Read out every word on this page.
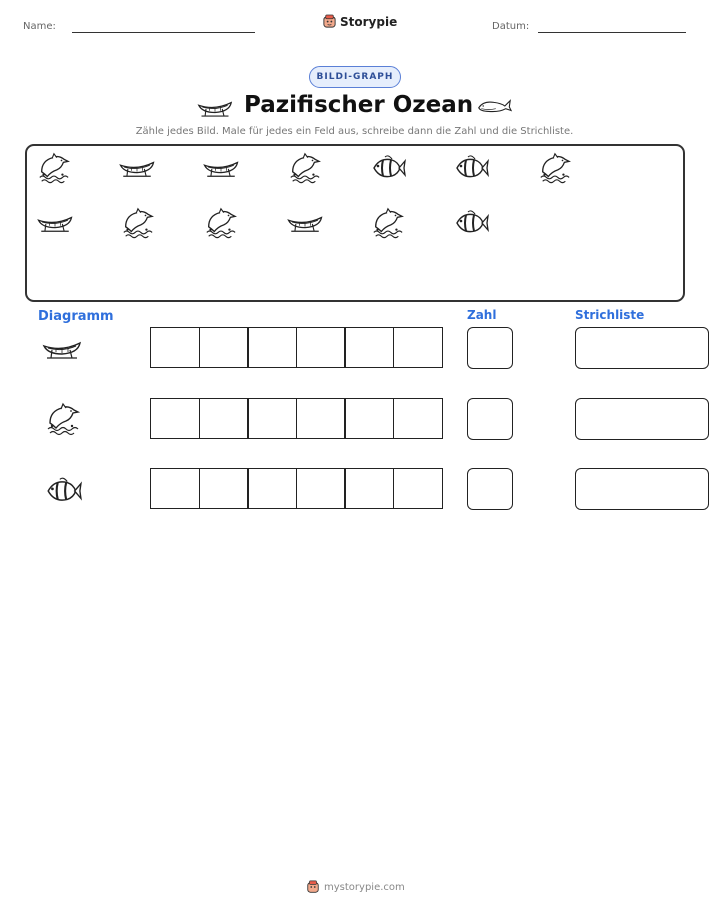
Name:	Storypie	Datum:
BILDI-GRAPH
Pazifischer Ozean
Zähle jedes Bild. Male für jedes ein Feld aus, schreibe dann die Zahl und die Strichliste.
Diagramm	Zahl	Strichliste
mystorypie.com
